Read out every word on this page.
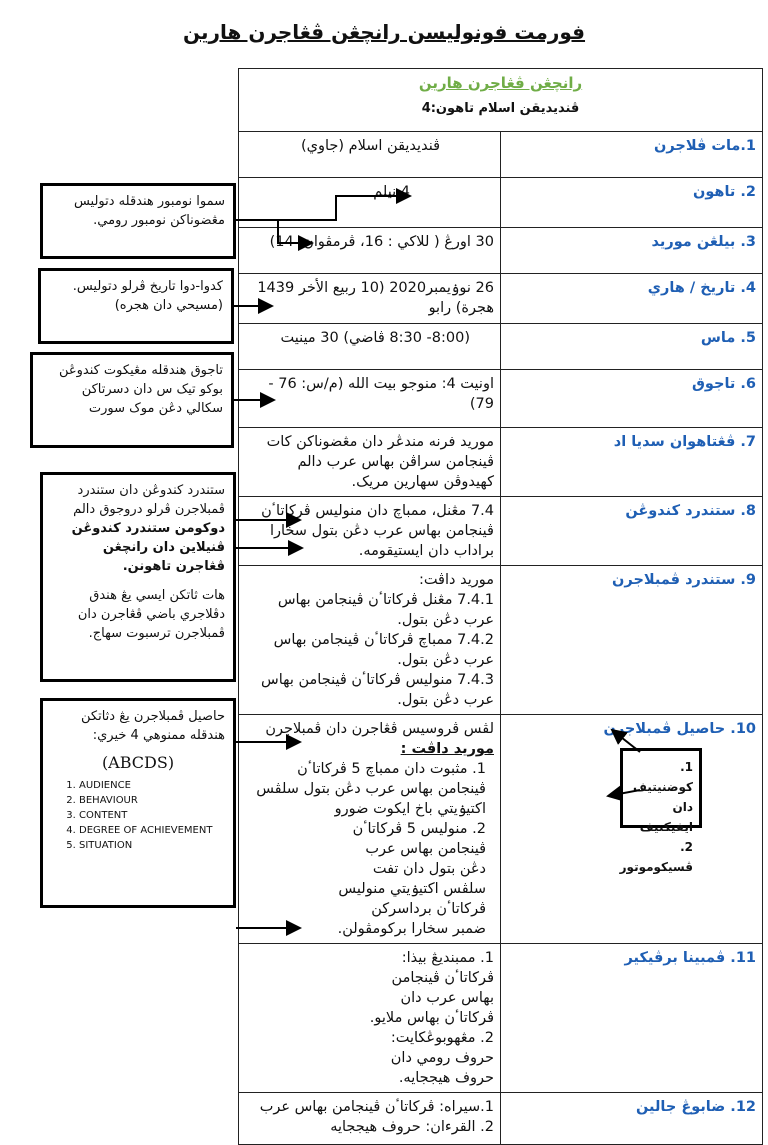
فورمت فونوليسن رانچڠن ڤڠاجرن هارين
رانچڠن ڤڠاجرن هارين
ڤنديديقن اسلام تاهون:4	

1.مات ڤلاجرن	ڤنديديقن اسلام (جاوي)
2. تاهون	4 نيلم
3. بيلڠن موريد	30 اورڠ ( للاكي : 16، ڤرمڤوان: 14)
4. تاريخ / هاري	26 نوۏيمبر2020 (10 ربيع الأخر 1439 هجرة) رابو
5. ماس	(8:00- 8:30 ڤاضي) 30 مينيت
6. تاجوق	اونيت 4: منوجو بيت الله (م/س: 76 - 79)
7. ڤڠتاهوان سديا اد	موريد فرنه مندڠر دان مڠضوناکن کات ڤينجامن سراڤن بهاس عرب دالم کهيدوڤن سهارين مريک.
8. ستندرد کندوڠن	7.4 مڠنل، ممباچ دان منوليس ڤرکاتاٴن ڤينجامن بهاس عرب دڠن بتول سخارا براداب دان ايستيقومه.
9. ستندرد ڤمبلاجرن	موريد داڤت:
7.4.1 مڠنل ڤرکاتاٴن ڤينجامن بهاس عرب دڠن بتول.
7.4.2 ممباچ ڤرکاتاٴن ڤينجامن بهاس عرب دڠن بتول.
7.4.3 منوليس ڤرکاتاٴن ڤينجامن بهاس عرب دڠن بتول.

10. حاصيل ڤمبلاجرن	لڤس ڤروسيس ڤڠاجرن دان ڤمبلاجرن موريد داڤت :
1. مثبوت دان ممباچ 5 ڤرکاتاٴن ڤينجامن بهاس عرب دڠن بتول سلڤس اکتيۏيتي باخ ايکوت ضورو
2. منوليس 5 ڤرکاتاٴن ڤينجامن بهاس عرب دڠن بتول دان تفت سلڤس اکتيۏيتي منوليس ڤرکاتاٴن برداسرکن ضمبر سخارا برکومڤولن.

11. ڤمبينا برڤيکير	1. ممبنديڠ بيذا: ڤرکاتاٴن ڤينجامن بهاس عرب دان ڤرکاتاٴن بهاس ملايو.
2. مڠهوبوڠکايت: حروف رومي دان حروف هيججايه.

12. ضابوڠ جالين	1.سيراه: ڤرکاتاٴن ڤينجامن بهاس عرب
2. القرءان: حروف هيججايه
سموا نومبور هندقله دتوليس مڠضوناکن نومبور رومي.
کدوا-دوا تاريخ ڤرلو دتوليس. (مسيحي دان هجره)
تاجوق هندقله مڠيکوت کندوڠن بوکو تيک س دان دسرتاکن سکالي دڠن موک سورت
ستندرد کندوڠن دان ستندرد ڤمبلاجرن ڤرلو دروجوق دالم دوکومن ستندرد کندوڠن ڤنيلاين دان رانچڠن ڤڠاجرن تاهونن.
هات ثاتکن ايسي يڠ هندق دڤلاجري باضي ڤڠاجرن دان ڤمبلاجرن ترسبوت سهاج.
حاصيل ڤمبلاجرن يڠ دثاتکن هندقله ممنوهي 4 خيري:
(ABCDS)
1. AUDIENCE
2. BEHAVIOUR
3. CONTENT
4. DEGREE OF ACHIEVEMENT
5. SITUATION
1. کوضنيتيف دان ايفيکتيف
2. ڤسيکوموتور
